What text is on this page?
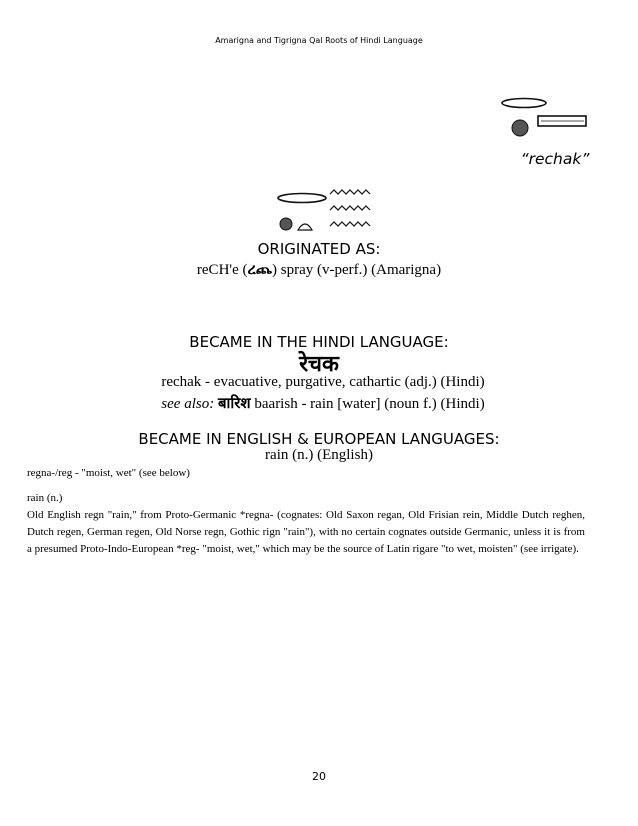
Amarigna and Tigrigna Qal Roots of Hindi Language
“rechak”
ORIGINATED AS:
reCH'e (ረጨ) spray (v-perf.) (Amarigna)
BECAME IN THE HINDI LANGUAGE:
रेचक
rechak - evacuative, purgative, cathartic (adj.) (Hindi)
see also: बारिश baarish - rain [water] (noun f.) (Hindi)
BECAME IN ENGLISH & EUROPEAN LANGUAGES:
rain (n.) (English)
regna-/reg - "moist, wet" (see below)
rain (n.)
Old English regn "rain," from Proto-Germanic *regna- (cognates: Old Saxon regan, Old Frisian rein, Middle Dutch reghen, Dutch regen, German regen, Old Norse regn, Gothic rign "rain"), with no certain cognates outside Germanic, unless it is from a presumed Proto-Indo-European *reg- "moist, wet," which may be the source of Latin rigare "to wet, moisten" (see irrigate).
20
